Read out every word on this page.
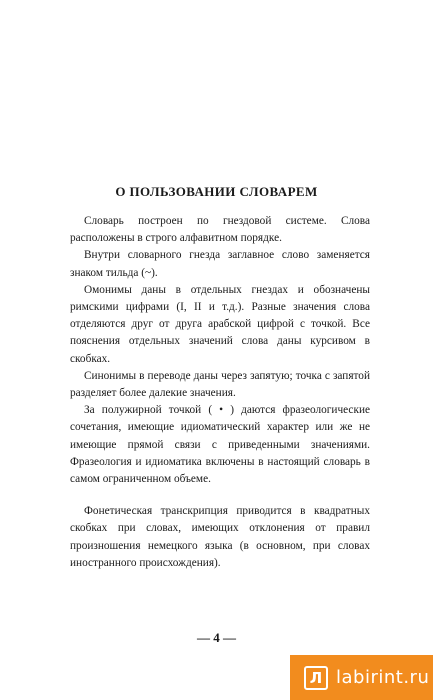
О ПОЛЬЗОВАНИИ СЛОВАРЕМ

Словарь построен по гнездовой системе. Слова расположены в строго алфавитном порядке.

Внутри словарного гнезда заглавное слово заменяется знаком тильда (~).

Омонимы даны в отдельных гнездах и обозначены римскими цифрами (I, II и т.д.). Разные значения слова отделяются друг от друга арабской цифрой с точкой. Все пояснения отдельных значений слова даны курсивом в скобках.

Синонимы в переводе даны через запятую; точка с запятой разделяет более далекие значения.

За полужирной точкой ( • ) даются фразеологические сочетания, имеющие идиоматический характер или же не имеющие прямой связи с приведенными значениями. Фразеология и идиоматика включены в настоящий словарь в самом ограниченном объеме.

Фонетическая транскрипция приводится в квадратных скобках при словах, имеющих отклонения от правил произношения немецкого языка (в основном, при словах иностранного происхождения).

— 4 —
Л labirint.ru
